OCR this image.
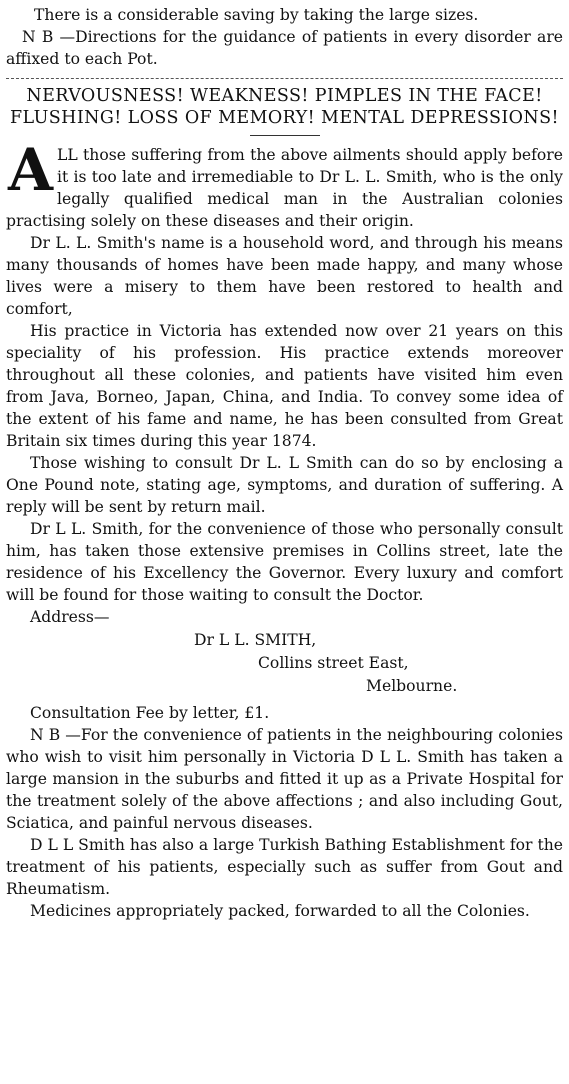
There is a considerable saving by taking the large sizes.

N B —Directions for the guidance of patients in every disorder are affixed to each Pot.

NERVOUSNESS! WEAKNESS! PIMPLES IN THE FACE! FLUSHING! LOSS OF MEMORY! MENTAL DEPRESSIONS!

ALL those suffering from the above ailments should apply before it is too late and irremediable to Dr L. L. Smith, who is the only legally qualified medical man in the Australian colonies practising solely on these diseases and their origin.

Dr L. L. Smith's name is a household word, and through his means many thousands of homes have been made happy, and many whose lives were a misery to them have been restored to health and comfort,

His practice in Victoria has extended now over 21 years on this speciality of his profession. His practice extends moreover throughout all these colonies, and patients have visited him even from Java, Borneo, Japan, China, and India. To convey some idea of the extent of his fame and name, he has been consulted from Great Britain six times during this year 1874.

Those wishing to consult Dr L. L Smith can do so by enclosing a One Pound note, stating age, symptoms, and duration of suffering. A reply will be sent by return mail.

Dr L L. Smith, for the convenience of those who personally consult him, has taken those extensive premises in Collins street, late the residence of his Excellency the Governor. Every luxury and comfort will be found for those waiting to consult the Doctor.

Address—

Dr L L. SMITH,

Collins street East,

Melbourne.

Consultation Fee by letter, £1.

N B —For the convenience of patients in the neighbouring colonies who wish to visit him personally in Victoria D L L. Smith has taken a large mansion in the suburbs and fitted it up as a Private Hospital for the treatment solely of the above affections ; and also including Gout, Sciatica, and painful nervous diseases.

D L L Smith has also a large Turkish Bathing Establishment for the treatment of his patients, especially such as suffer from Gout and Rheumatism.

Medicines appropriately packed, forwarded to all the Colonies.
